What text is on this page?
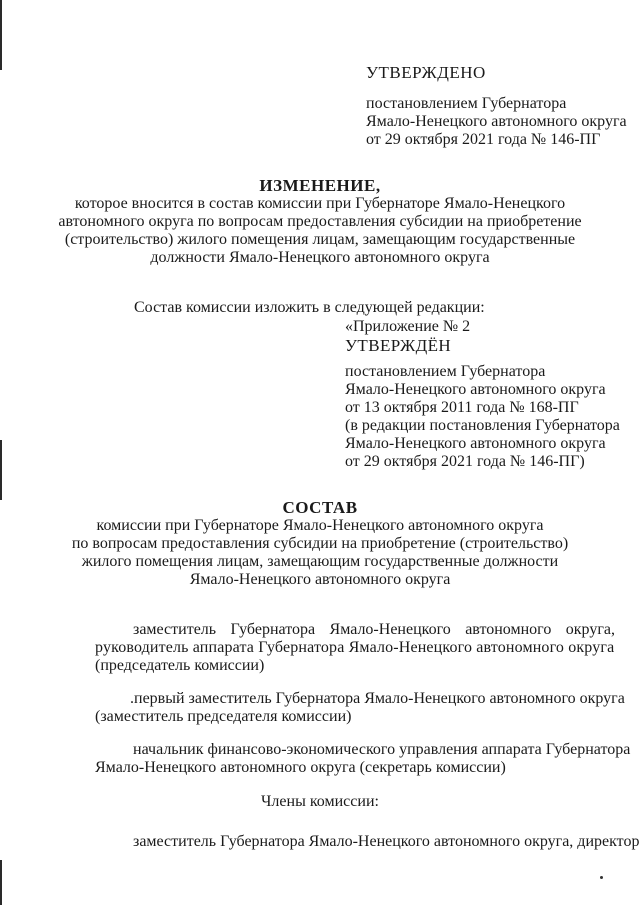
УТВЕРЖДЕНО
постановлением Губернатора
Ямало-Ненецкого автономного округа
от 29 октября 2021 года № 146-ПГ
ИЗМЕНЕНИЕ,
которое вносится в состав комиссии при Губернаторе Ямало-Ненецкого
автономного округа по вопросам предоставления субсидии на приобретение
(строительство) жилого помещения лицам, замещающим государственные
должности Ямало-Ненецкого автономного округа
Состав комиссии изложить в следующей редакции:
«Приложение № 2
УТВЕРЖДЁН
постановлением Губернатора
Ямало-Ненецкого автономного округа
от 13 октября 2011 года № 168-ПГ
(в редакции постановления Губернатора
Ямало-Ненецкого автономного округа
от 29 октября 2021 года № 146-ПГ)
СОСТАВ
комиссии при Губернаторе Ямало-Ненецкого автономного округа
по вопросам предоставления субсидии на приобретение (строительство)
жилого помещения лицам, замещающим государственные должности
Ямало-Ненецкого автономного округа
заместитель Губернатора Ямало-Ненецкого автономного округа,
руководитель аппарата Губернатора Ямало-Ненецкого автономного округа
(председатель комиссии)
.первый заместитель Губернатора Ямало-Ненецкого автономного округа
(заместитель председателя комиссии)
начальник финансово-экономического управления аппарата Губернатора
Ямало-Ненецкого автономного округа (секретарь комиссии)
Члены комиссии:
заместитель Губернатора Ямало-Ненецкого автономного округа, директор
